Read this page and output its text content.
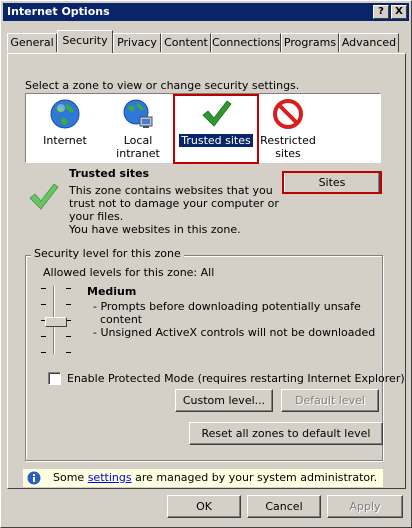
Internet Options	?	X
General Security Privacy Content Connections Programs Advanced
Select a zone to view or change security settings.
Internet	Local intranet
Trusted sites Restricted
sites
Trusted sites
This zone contains websites that you
trust not to damage your computer or
your files.
You have websites in this zone.
Sites
Security level for this zone
Allowed levels for this zone: All
Medium
- Prompts before downloading potentially unsafe
content
- Unsigned ActiveX controls will not be downloaded
Enable Protected Mode (requires restarting Internet Explorer)
Custom level...	Default level
Reset all zones to default level
Some settings are managed by your system administrator.
OK	Cancel	Apply
